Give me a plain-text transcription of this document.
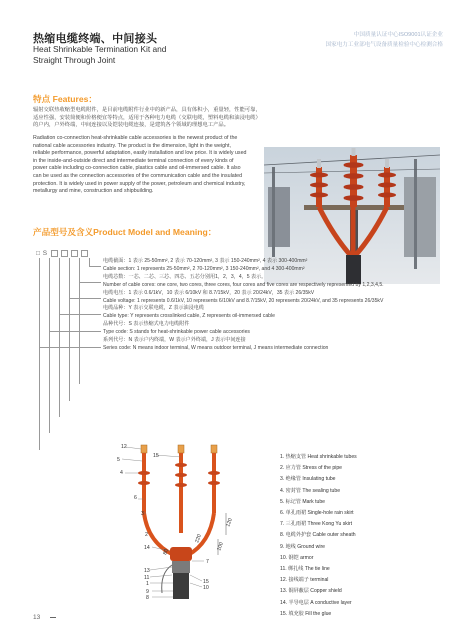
热缩电缆终端、中间接头
Heat Shrinkable Termination Kit and
Straight Through Joint
中国质量认证中心ISO9001认证企业
国家电力工业部电气设备质量检验中心检测合格
特点 Features：
辐射交联热收缩型电缆附件，是目前电缆附件行业中的新产品，具有体积小，重量轻，性能可靠，
适应性强，安装简便和价格便宜等特点，适用于各种电力电缆（交联电缆，塑料电缆和油浸电缆）
的户内，户外终端，中间连接以及铠装电缆连接，是建筑各个领域的理想电工产品。
Radiation co-connection heat-shrinkable cable accessories is the newest product of the
national cable accessories industry. The product is the dimension, light in the weight,
reliable performance, powerful adaptation, easily installation and low price. It is widely used
in the inside-and-outside direct and intermediate terminal connection of every kinds of
power cable including co-connection cable, plastics cable and oil-immersed cable. It also
can be used as the connection accessories of the communication cable and the insulated
protection. It is widely used in power supply of the power, petroleum and chemical industry,
metallurgy and mine, construction and shipbuilding.
产品型号及含义Product Model and Meaning：
□ S
电缆截面：1 表示 25-50mm², 2 表示 70-120mm², 3 表示 150-240mm², 4 表示 300-400mm²
Cable section: 1 represents 25-50mm², 2 70-120mm², 3 150-240mm², and 4 300-400mm²
电缆芯数：一芯、二芯、三芯、四芯、五芯分别用1，2，3，4，5 表示。
Number of cable cores: one core, two cores, three cores, four cores and five cores are respectively represented by 1,2,3,4,5.
电缆电压：1 表示 0.6/1kV，10 表示 6/10kV 和 8.7/15kV，20 表示 20/24kV，35 表示 26/35kV
Cable voltage: 1 represents 0.6/1kV, 10 represents 6/10kV and 8.7/15kV, 20 represents 20/24kV, and 35 represents 26/35kV
电缆品种：Y 表示交联电缆，Z 表示油浸电缆
Cable type: Y represents crosslinked cable, Z represents oil-immersed cable
品种代号：S 表示热缩式电力电缆附件
Type code: S stands for heat-shrinkable power cable accessories
系列代号：N 表示户内终端，W 表示户外终端，J 表示中间连接
Series code: N means indoor terminal, W means outdoor terminal, J means intermediate connection
12
5
4
15
6
3
2
14
13
11
1
9
8
7
15
10
120
100
220
80
1. 热缩支管 Heat shrinkable tubes
2. 应力管 Stress of the pipe
3. 绝缘管 Insulating tube
4. 密封管 The sealing tube
5. 标记管 Mark tube
6. 单孔雨裙 Single-hole rain skirt
7. 三孔雨裙 Three Kong Yu skirt
8. 电缆外护套 Cable outer sheath
9. 地线 Ground wire
10. 钢铠 armor
11. 绑扎线 The tie line
12. 接线端子 terminal
13. 铜屏蔽层 Copper shield
14. 半导电层 A conductive layer
15. 填充胶 Fill the glue
13
